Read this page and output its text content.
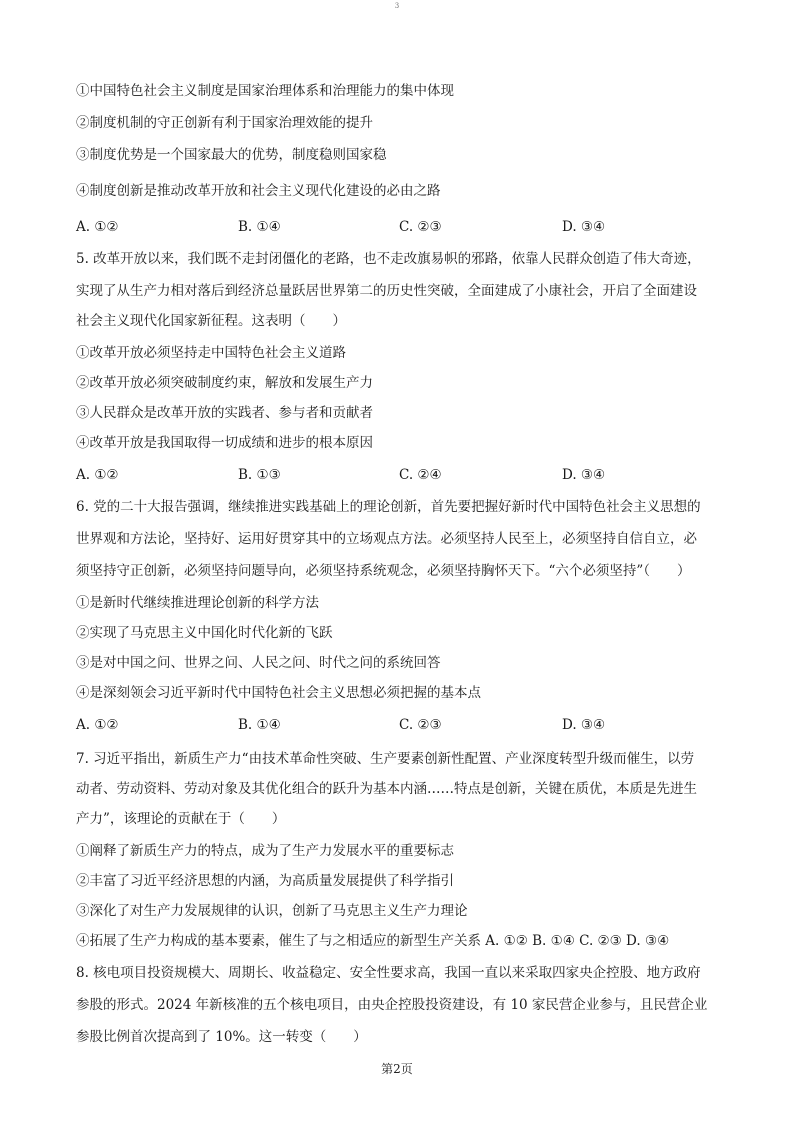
3
①中国特色社会主义制度是国家治理体系和治理能力的集中体现
②制度机制的守正创新有利于国家治理效能的提升
③制度优势是一个国家最大的优势，制度稳则国家稳
④制度创新是推动改革开放和社会主义现代化建设的必由之路
A. ①②	B. ①④	C. ②③	D. ③④
5. 改革开放以来，我们既不走封闭僵化的老路，也不走改旗易帜的邪路，依靠人民群众创造了伟大奇迹，
实现了从生产力相对落后到经济总量跃居世界第二的历史性突破，全面建成了小康社会，开启了全面建设
社会主义现代化国家新征程。这表明（　　）
①改革开放必须坚持走中国特色社会主义道路
②改革开放必须突破制度约束，解放和发展生产力
③人民群众是改革开放的实践者、参与者和贡献者
④改革开放是我国取得一切成绩和进步的根本原因
A. ①②	B. ①③	C. ②④	D. ③④
6. 党的二十大报告强调，继续推进实践基础上的理论创新，首先要把握好新时代中国特色社会主义思想的
世界观和方法论，坚持好、运用好贯穿其中的立场观点方法。必须坚持人民至上，必须坚持自信自立，必
须坚持守正创新，必须坚持问题导向，必须坚持系统观念，必须坚持胸怀天下。“六个必须坚持”（　　）
①是新时代继续推进理论创新的科学方法
②实现了马克思主义中国化时代化新的飞跃
③是对中国之问、世界之问、人民之问、时代之问的系统回答
④是深刻领会习近平新时代中国特色社会主义思想必须把握的基本点
A. ①②	B. ①④	C. ②③	D. ③④
7. 习近平指出，新质生产力“由技术革命性突破、生产要素创新性配置、产业深度转型升级而催生，以劳
动者、劳动资料、劳动对象及其优化组合的跃升为基本内涵……特点是创新，关键在质优，本质是先进生
产力”，该理论的贡献在于（　　）
①阐释了新质生产力的特点，成为了生产力发展水平的重要标志
②丰富了习近平经济思想的内涵，为高质量发展提供了科学指引
③深化了对生产力发展规律的认识，创新了马克思主义生产力理论
④拓展了生产力构成的基本要素，催生了与之相适应的新型生产关系 A. ①② B. ①④ C. ②③ D. ③④
8. 核电项目投资规模大、周期长、收益稳定、安全性要求高，我国一直以来采取四家央企控股、地方政府
参股的形式。2024 年新核准的五个核电项目，由央企控股投资建设，有 10 家民营企业参与，且民营企业
参股比例首次提高到了 10%。这一转变（　　）
第2页
